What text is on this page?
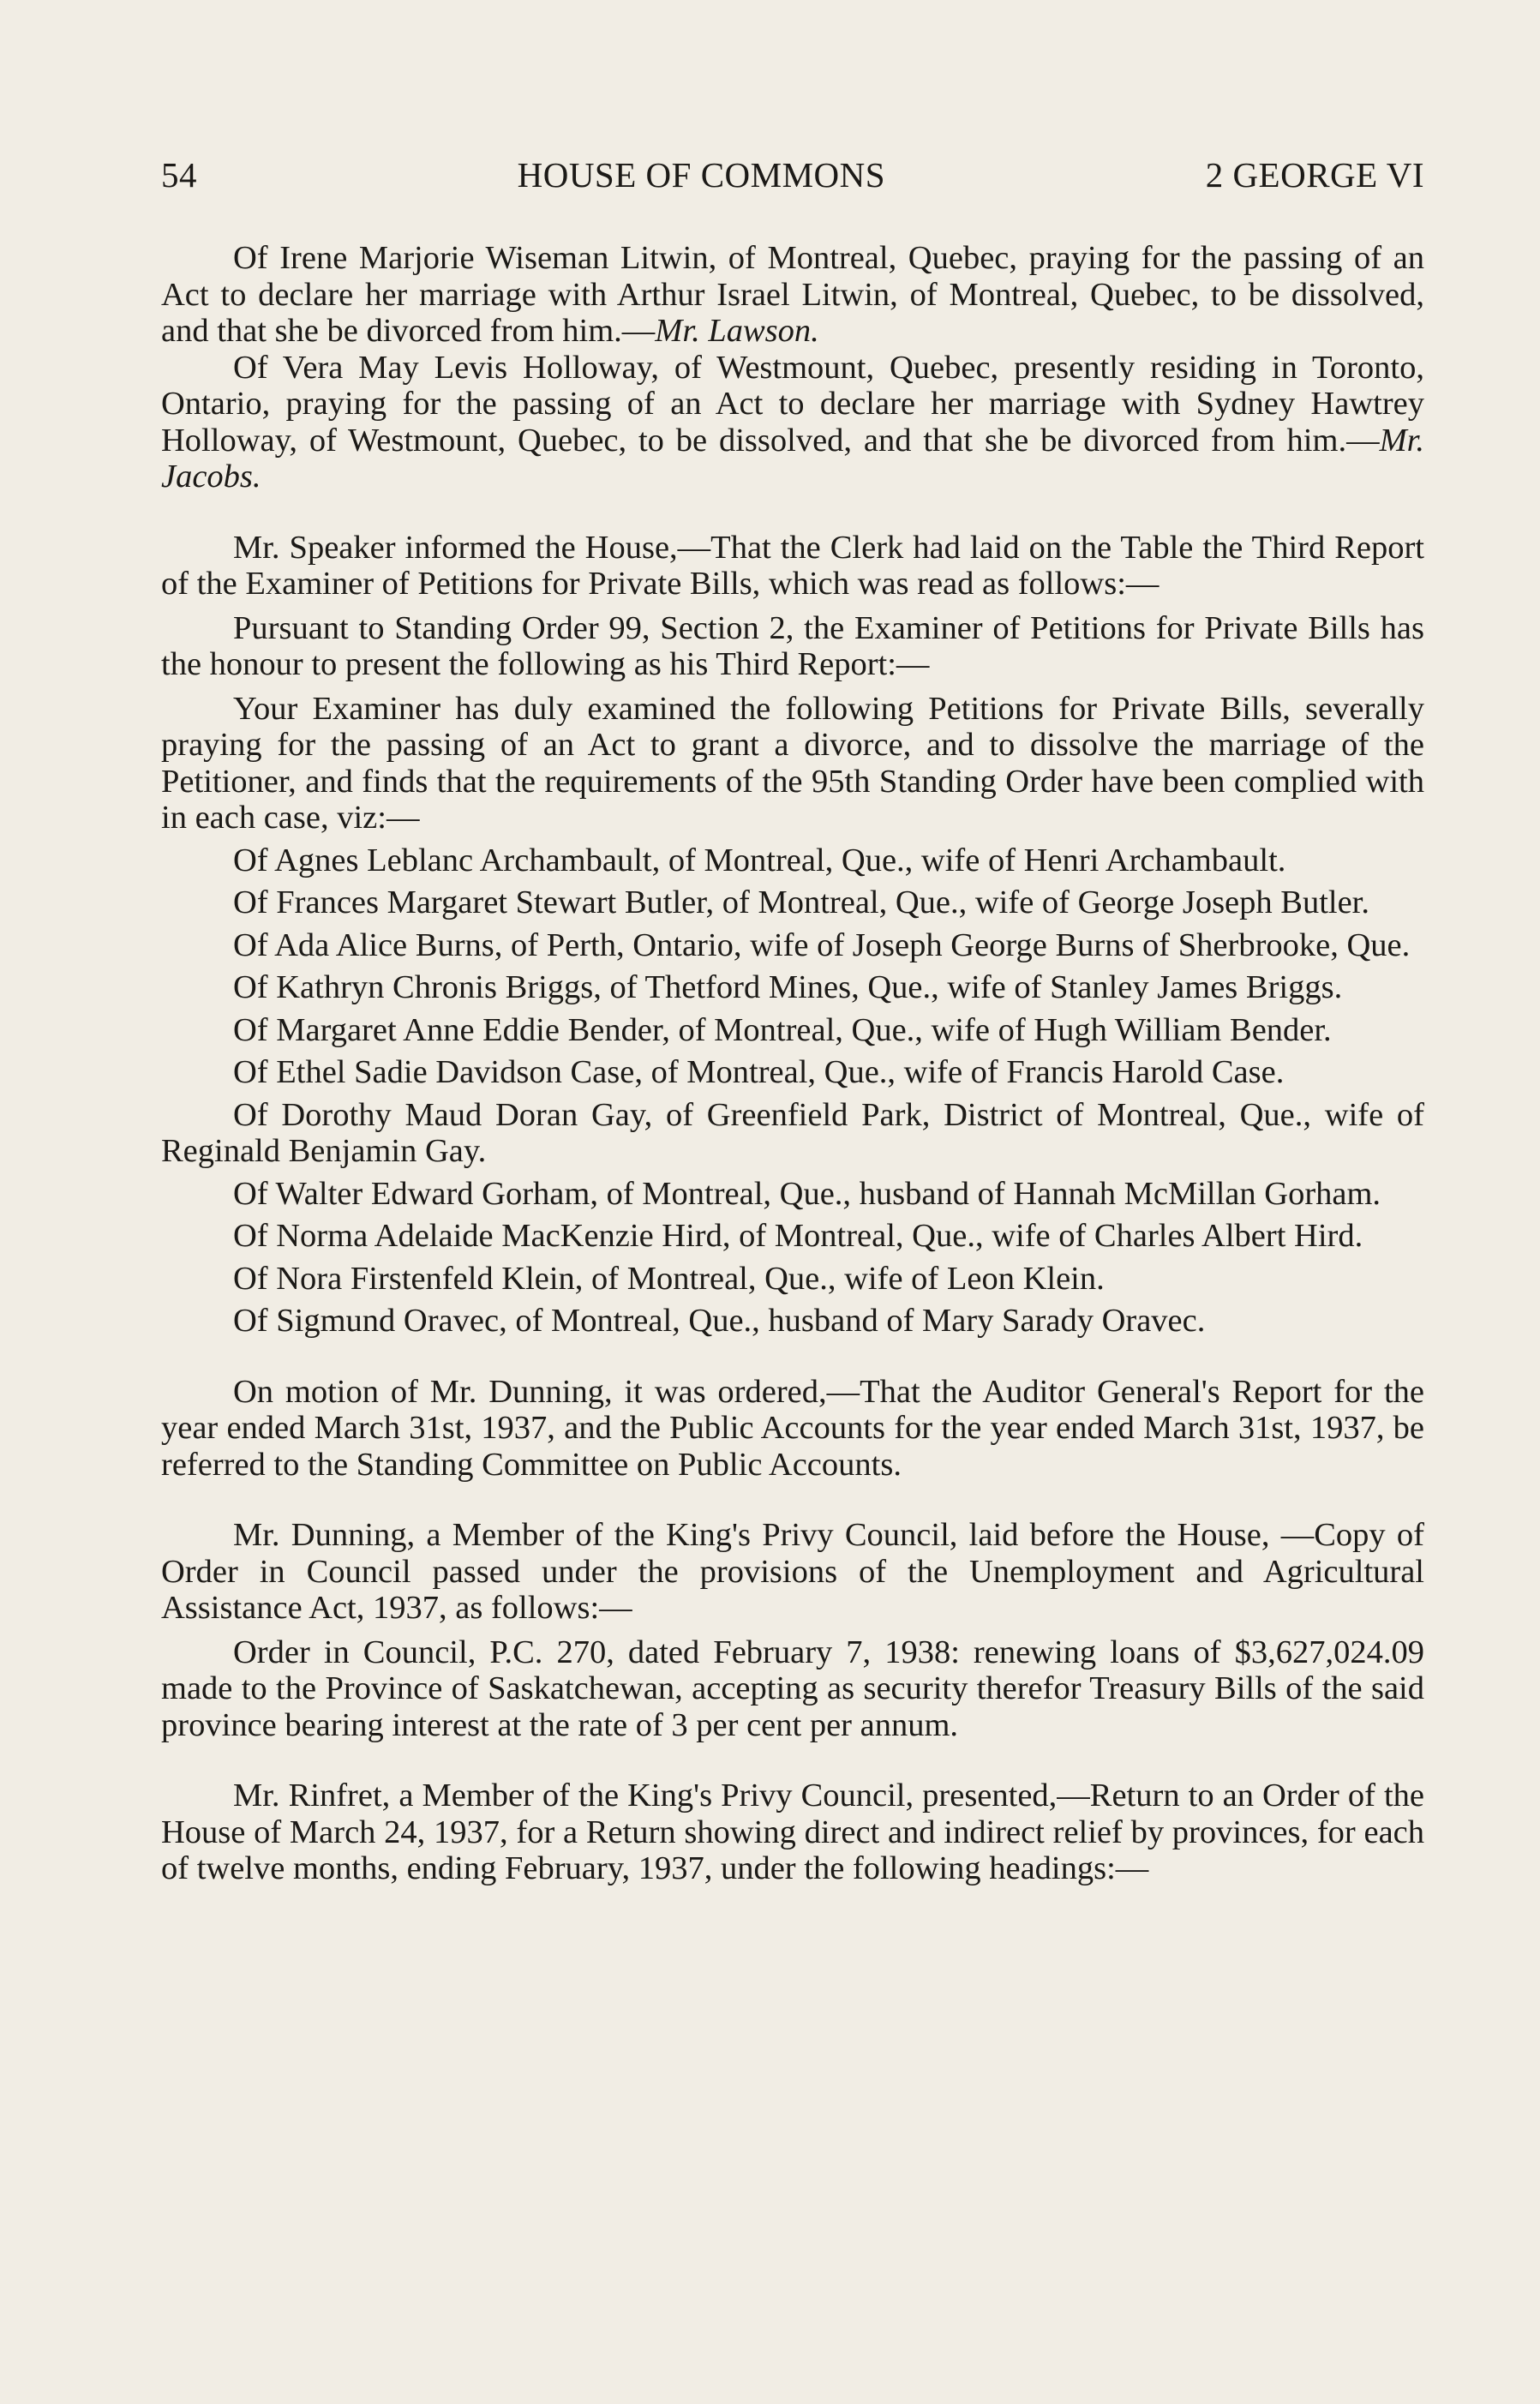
54	HOUSE OF COMMONS	2 GEORGE VI

Of Irene Marjorie Wiseman Litwin, of Montreal, Quebec, praying for the passing of an Act to declare her marriage with Arthur Israel Litwin, of Montreal, Quebec, to be dissolved, and that she be divorced from him.—Mr. Lawson.

Of Vera May Levis Holloway, of Westmount, Quebec, presently residing in Toronto, Ontario, praying for the passing of an Act to declare her marriage with Sydney Hawtrey Holloway, of Westmount, Quebec, to be dissolved, and that she be divorced from him.—Mr. Jacobs.

Mr. Speaker informed the House,—That the Clerk had laid on the Table the Third Report of the Examiner of Petitions for Private Bills, which was read as follows:—

Pursuant to Standing Order 99, Section 2, the Examiner of Petitions for Private Bills has the honour to present the following as his Third Report:—

Your Examiner has duly examined the following Petitions for Private Bills, severally praying for the passing of an Act to grant a divorce, and to dissolve the marriage of the Petitioner, and finds that the requirements of the 95th Standing Order have been complied with in each case, viz:—

Of Agnes Leblanc Archambault, of Montreal, Que., wife of Henri Archambault.

Of Frances Margaret Stewart Butler, of Montreal, Que., wife of George Joseph Butler.

Of Ada Alice Burns, of Perth, Ontario, wife of Joseph George Burns of Sherbrooke, Que.

Of Kathryn Chronis Briggs, of Thetford Mines, Que., wife of Stanley James Briggs.

Of Margaret Anne Eddie Bender, of Montreal, Que., wife of Hugh William Bender.

Of Ethel Sadie Davidson Case, of Montreal, Que., wife of Francis Harold Case.

Of Dorothy Maud Doran Gay, of Greenfield Park, District of Montreal, Que., wife of Reginald Benjamin Gay.

Of Walter Edward Gorham, of Montreal, Que., husband of Hannah McMillan Gorham.

Of Norma Adelaide MacKenzie Hird, of Montreal, Que., wife of Charles Albert Hird.

Of Nora Firstenfeld Klein, of Montreal, Que., wife of Leon Klein.

Of Sigmund Oravec, of Montreal, Que., husband of Mary Sarady Oravec.

On motion of Mr. Dunning, it was ordered,—That the Auditor General's Report for the year ended March 31st, 1937, and the Public Accounts for the year ended March 31st, 1937, be referred to the Standing Committee on Public Accounts.

Mr. Dunning, a Member of the King's Privy Council, laid before the House, —Copy of Order in Council passed under the provisions of the Unemployment and Agricultural Assistance Act, 1937, as follows:—

Order in Council, P.C. 270, dated February 7, 1938: renewing loans of $3,627,024.09 made to the Province of Saskatchewan, accepting as security therefor Treasury Bills of the said province bearing interest at the rate of 3 per cent per annum.

Mr. Rinfret, a Member of the King's Privy Council, presented,—Return to an Order of the House of March 24, 1937, for a Return showing direct and indirect relief by provinces, for each of twelve months, ending February, 1937, under the following headings:—
